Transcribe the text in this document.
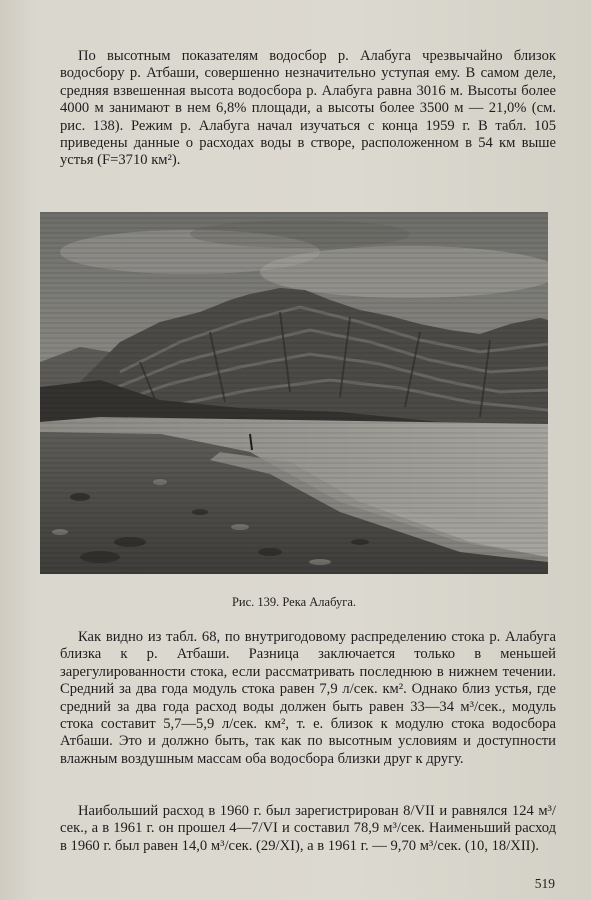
По высотным показателям водосбор р. Алабуга чрезвычайно близок водосбору р. Атбаши, совершенно незначительно уступая ему. В самом деле, средняя взвешенная высота водосбора р. Алабуга равна 3016 м. Высоты более 4000 м занимают в нем 6,8% площади, а высоты более 3500 м — 21,0% (см. рис. 138). Режим р. Алабуга начал изучаться с конца 1959 г. В табл. 105 приведены данные о расходах воды в створе, расположенном в 54 км выше устья (F=3710 км²).

Рис. 139. Река Алабуга.

Как видно из табл. 68, по внутригодовому распределению стока р. Алабуга близка к р. Атбаши. Разница заключается только в меньшей зарегулированности стока, если рассматривать последнюю в нижнем течении. Средний за два года модуль стока равен 7,9 л/сек. км². Однако близ устья, где средний за два года расход воды должен быть равен 33—34 м³/сек., модуль стока составит 5,7—5,9 л/сек. км², т. е. близок к модулю стока водосбора Атбаши. Это и должно быть, так как по высотным условиям и доступности влажным воздушным массам оба водосбора близки друг к другу.

Наибольший расход в 1960 г. был зарегистрирован 8/VII и равнялся 124 м³/сек., а в 1961 г. он прошел 4—7/VI и составил 78,9 м³/сек. Наименьший расход в 1960 г. был равен 14,0 м³/сек. (29/XI), а в 1961 г. — 9,70 м³/сек. (10, 18/XII).

519
